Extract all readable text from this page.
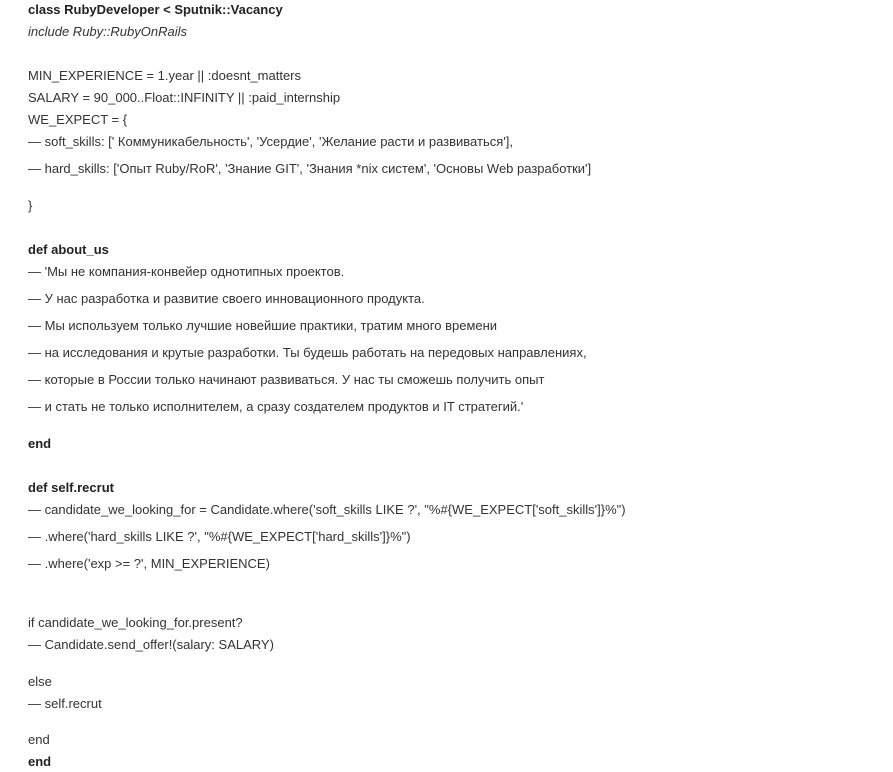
class RubyDeveloper < Sputnik::Vacancy

include Ruby::RubyOnRails

MIN_EXPERIENCE = 1.year || :doesnt_matters

SALARY = 90_000..Float::INFINITY || :paid_internship

WE_EXPECT = {

— soft_skills: [' Коммуникабельность', 'Усердие', 'Желание расти и развиваться'],

— hard_skills: ['Опыт Ruby/RoR', 'Знание GIT', 'Знания *nix систем', 'Основы Web разработки']

}

def about_us

— 'Мы не компания-конвейер однотипных проектов.

— У нас разработка и развитие своего инновационного продукта.

— Мы используем только лучшие новейшие практики, тратим много времени

— на исследования и крутые разработки. Ты будешь работать на передовых направлениях,

— которые в России только начинают развиваться. У нас ты сможешь получить опыт

— и стать не только исполнителем, а сразу создателем продуктов и IT стратегий.'

end

def self.recrut

— candidate_we_looking_for = Candidate.where('soft_skills LIKE ?', "%#{WE_EXPECT['soft_skills']}%")

— .where('hard_skills LIKE ?', "%#{WE_EXPECT['hard_skills']}%")

— .where('exp >= ?', MIN_EXPERIENCE)

if candidate_we_looking_for.present?

— Candidate.send_offer!(salary: SALARY)

else

— self.recrut

end

end
